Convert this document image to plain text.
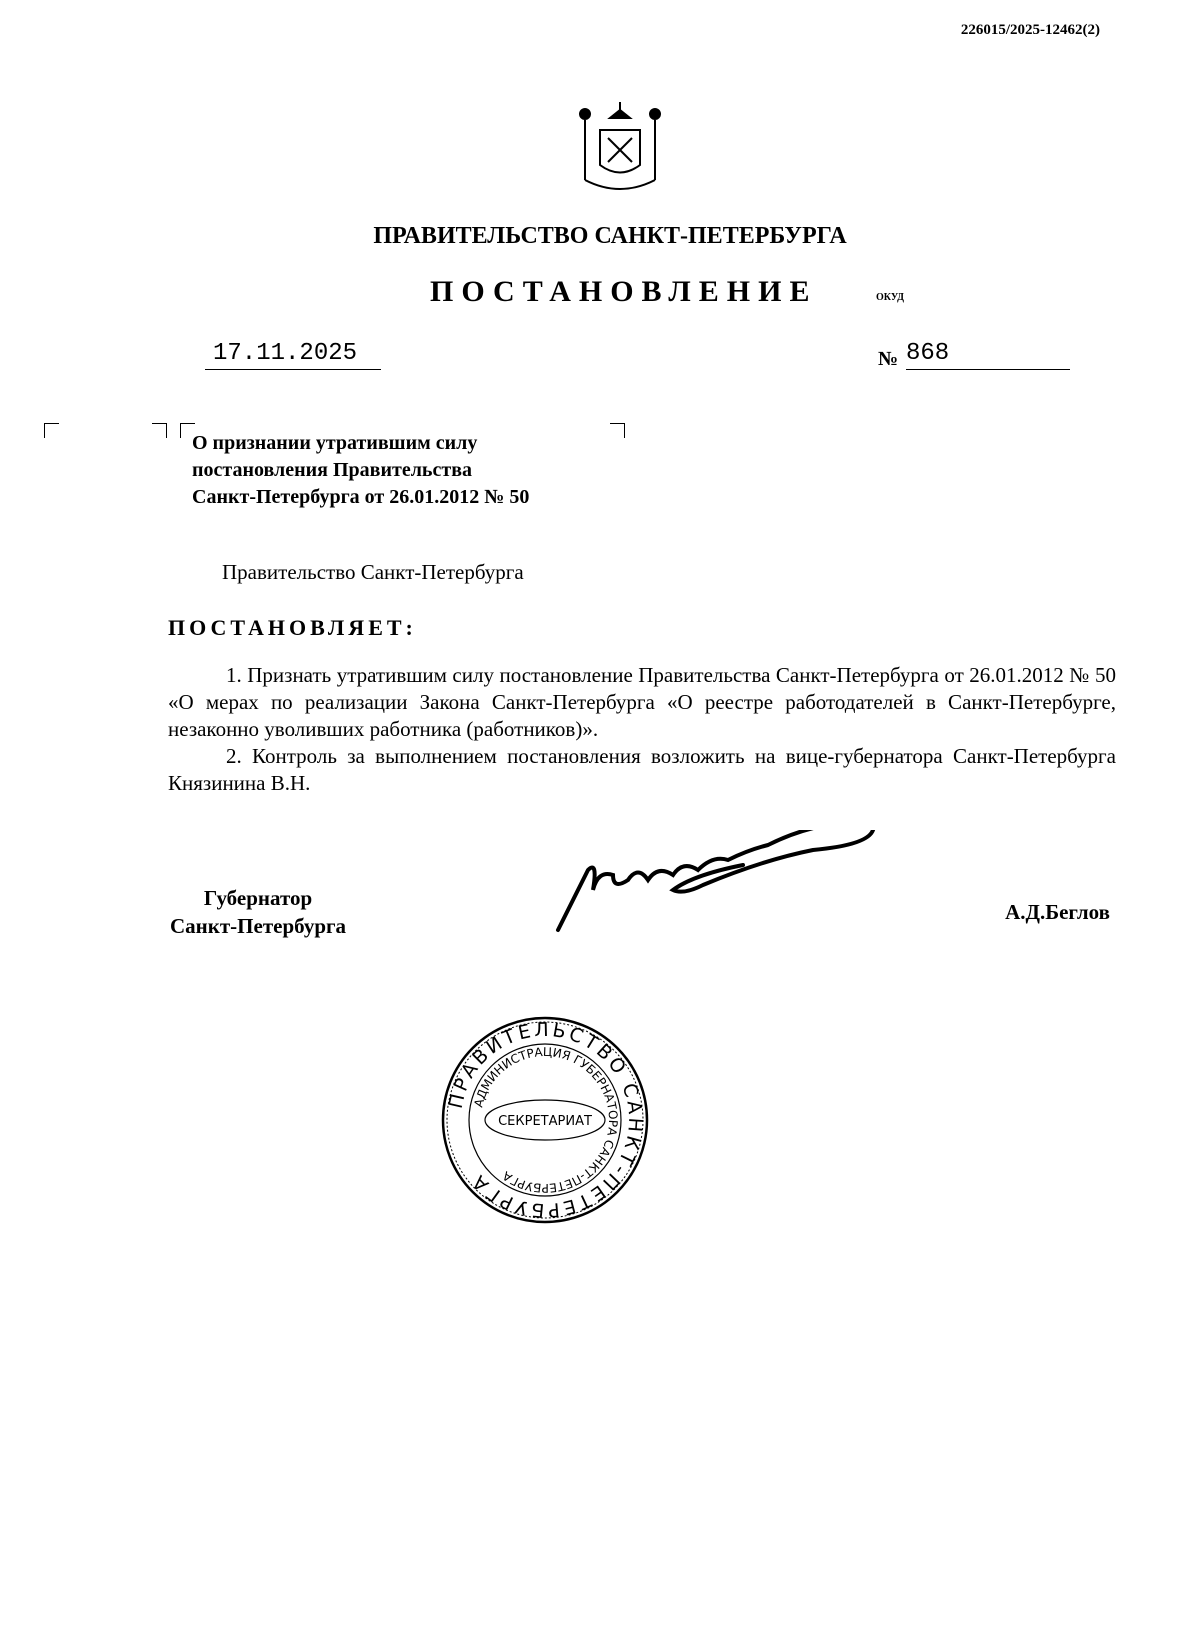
226015/2025-12462(2)
ПРАВИТЕЛЬСТВО САНКТ-ПЕТЕРБУРГА
ПОСТАНОВЛЕНИЕ	ОКУД
17.11.2025	№ 868
О признании утратившим силу
постановления Правительства
Санкт-Петербурга от 26.01.2012 № 50
Правительство Санкт-Петербурга
ПОСТАНОВЛЯЕТ:

1. Признать утратившим силу постановление Правительства Санкт-Петербурга от 26.01.2012 № 50 «О мерах по реализации Закона Санкт-Петербурга «О реестре работодателей в Санкт-Петербурге, незаконно уволивших работника (работников)».

2. Контроль за выполнением постановления возложить на вице-губернатора Санкт-Петербурга Князинина В.Н.

Губернатор
Санкт-Петербурга
А.Д.Беглов
ПРАВИТЕЛЬСТВО САНКТ-ПЕТЕРБУРГА
АДМИНИСТРАЦИЯ ГУБЕРНАТОРА САНКТ-ПЕТЕРБУРГА
СЕКРЕТАРИАТ
